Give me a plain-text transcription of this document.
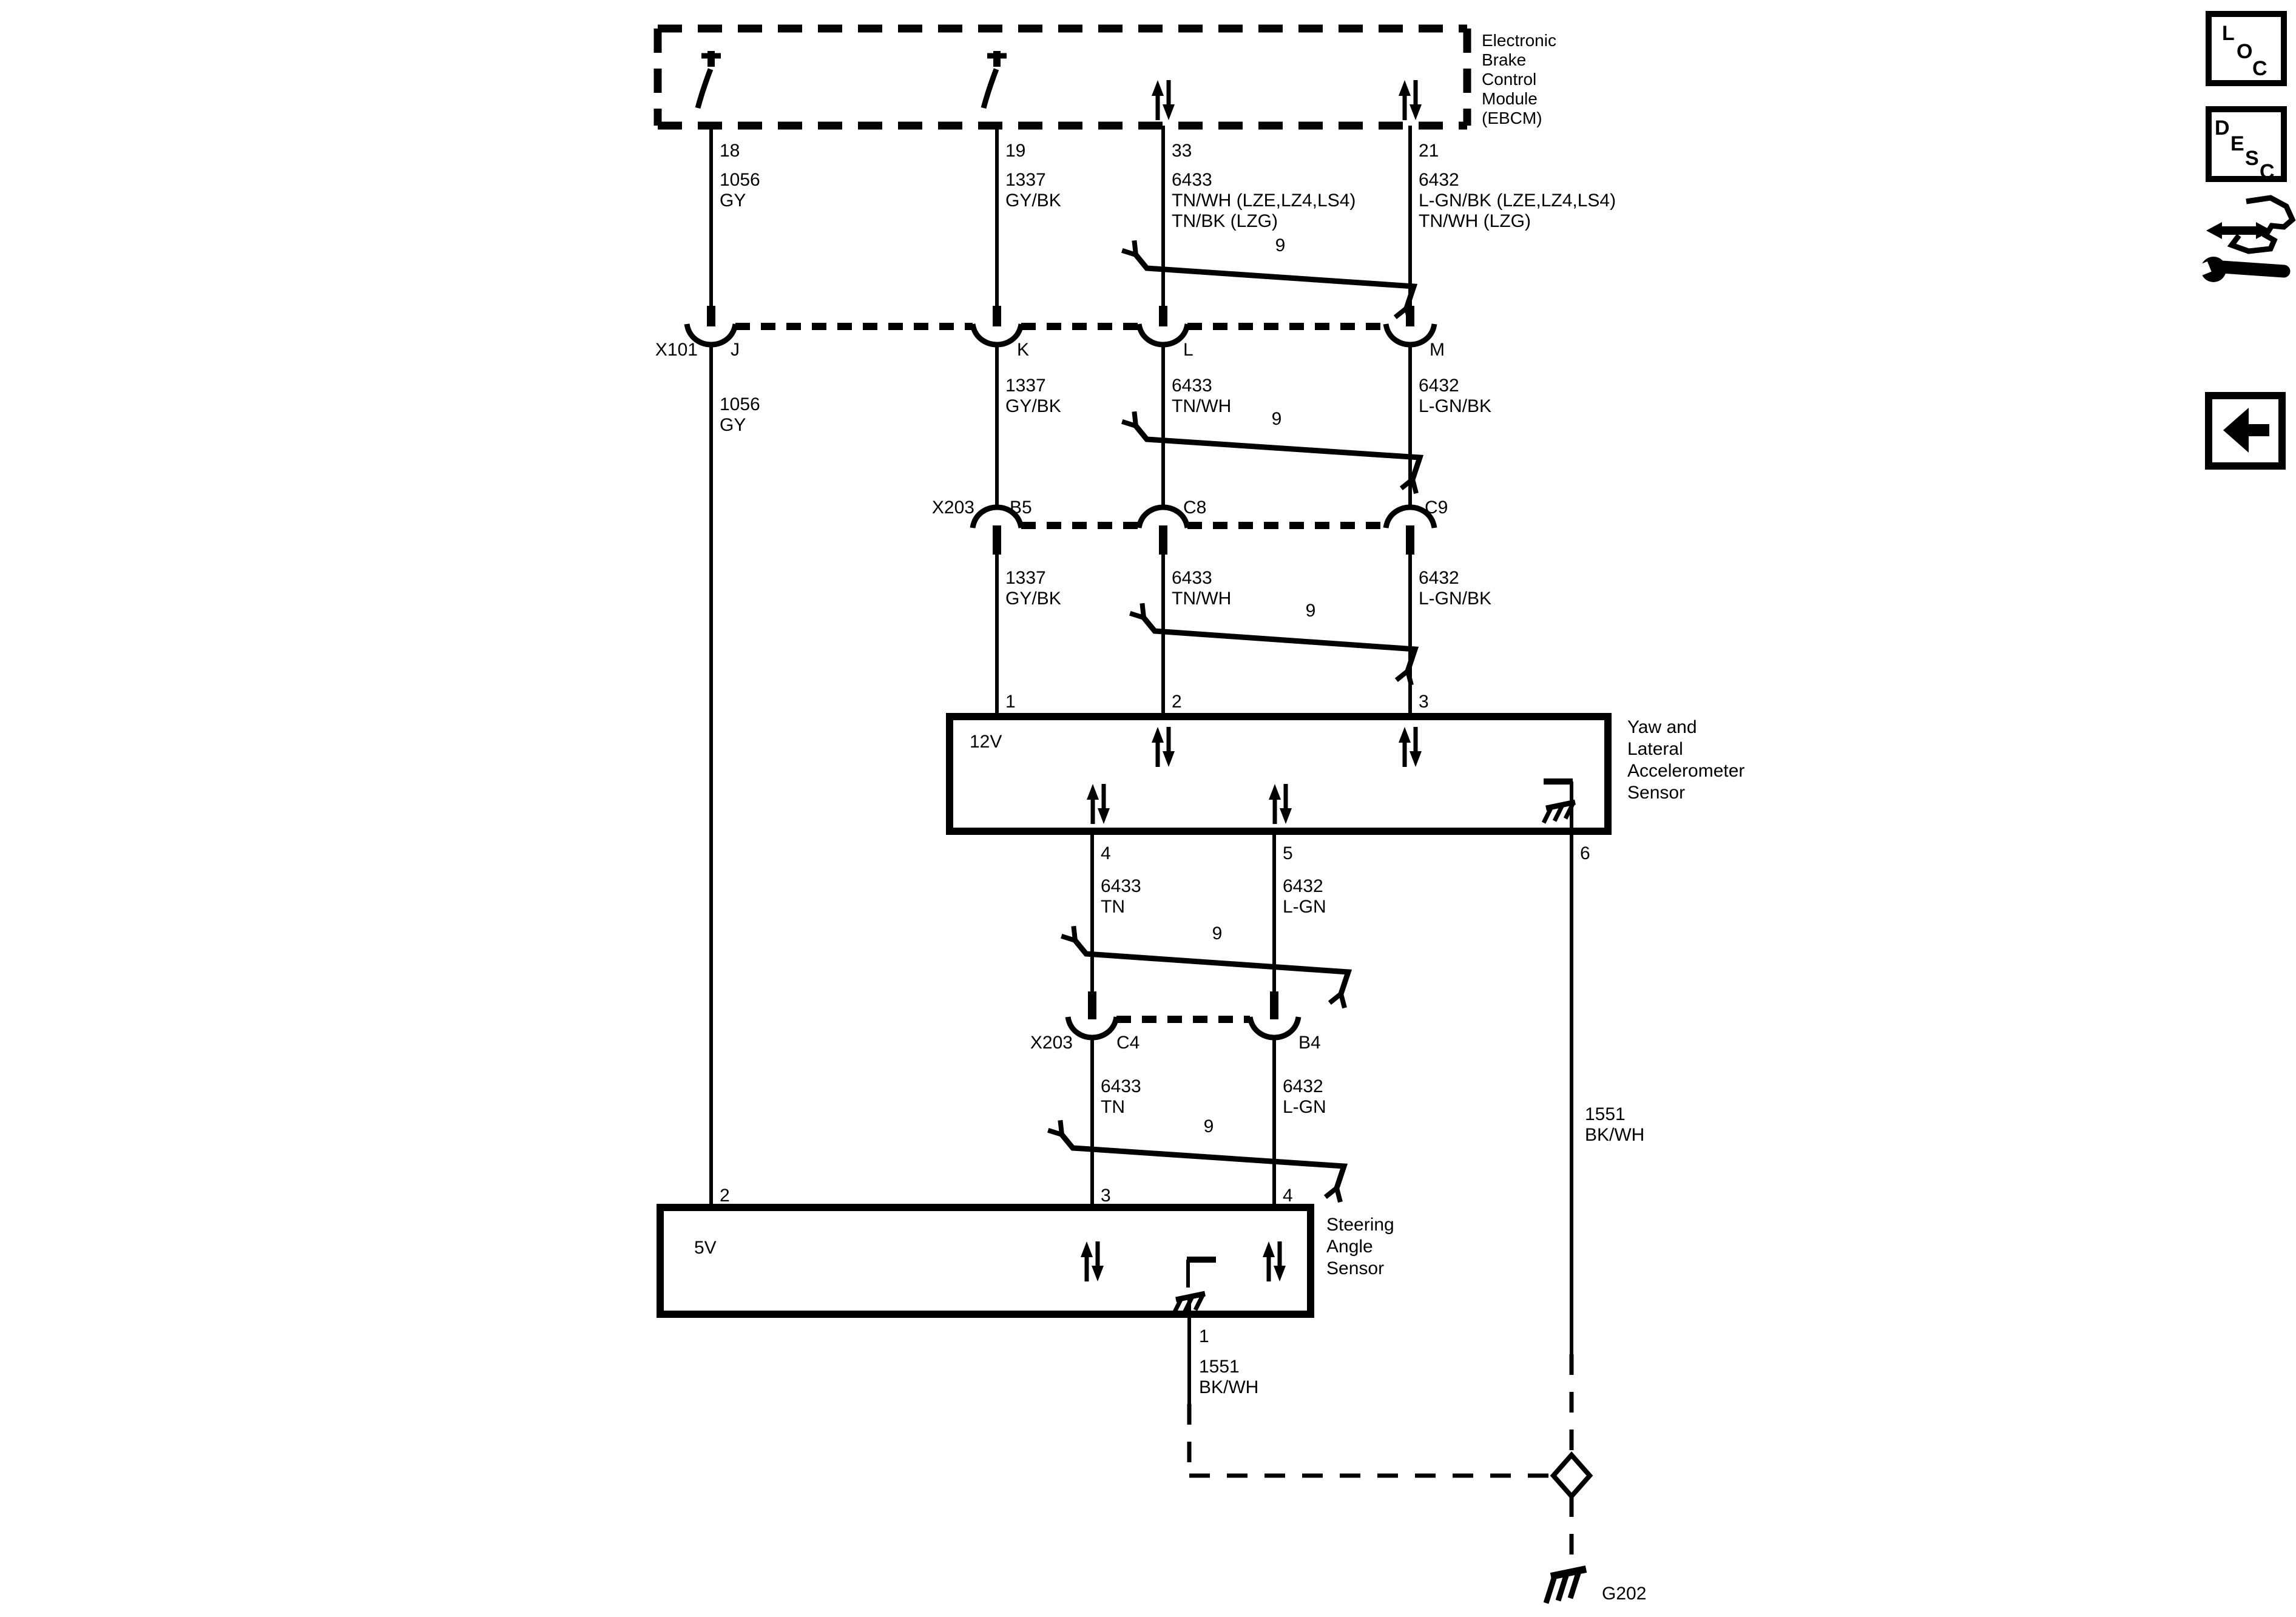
Electronic
Brake
Control
Module
(EBCM)
18	19	33	21
1056
GY
1337
GY/BK
6433
TN/WH (LZE,LZ4,LS4)
TN/BK (LZG)
6432
L-GN/BK (LZE,LZ4,LS4)
TN/WH (LZG)
9
X101 J	K	L	M
1056
GY
1337
GY/BK
6433
TN/WH
6432
L-GN/BK
9
X203 B5	C8	C9
1337
GY/BK
6433
TN/WH
6432
L-GN/BK
9
1	2	3
12V
Yaw and
Lateral
Accelerometer
Sensor
4	5	6
6433
TN
6432
L-GN
9
X203 C4	B4
6433
TN
6432
L-GN	1551
BK/WH
9
2	3	4
5V
Steering
Angle
Sensor
1
1551
BK/WH
G202
L
O
C
D
E
S
C
